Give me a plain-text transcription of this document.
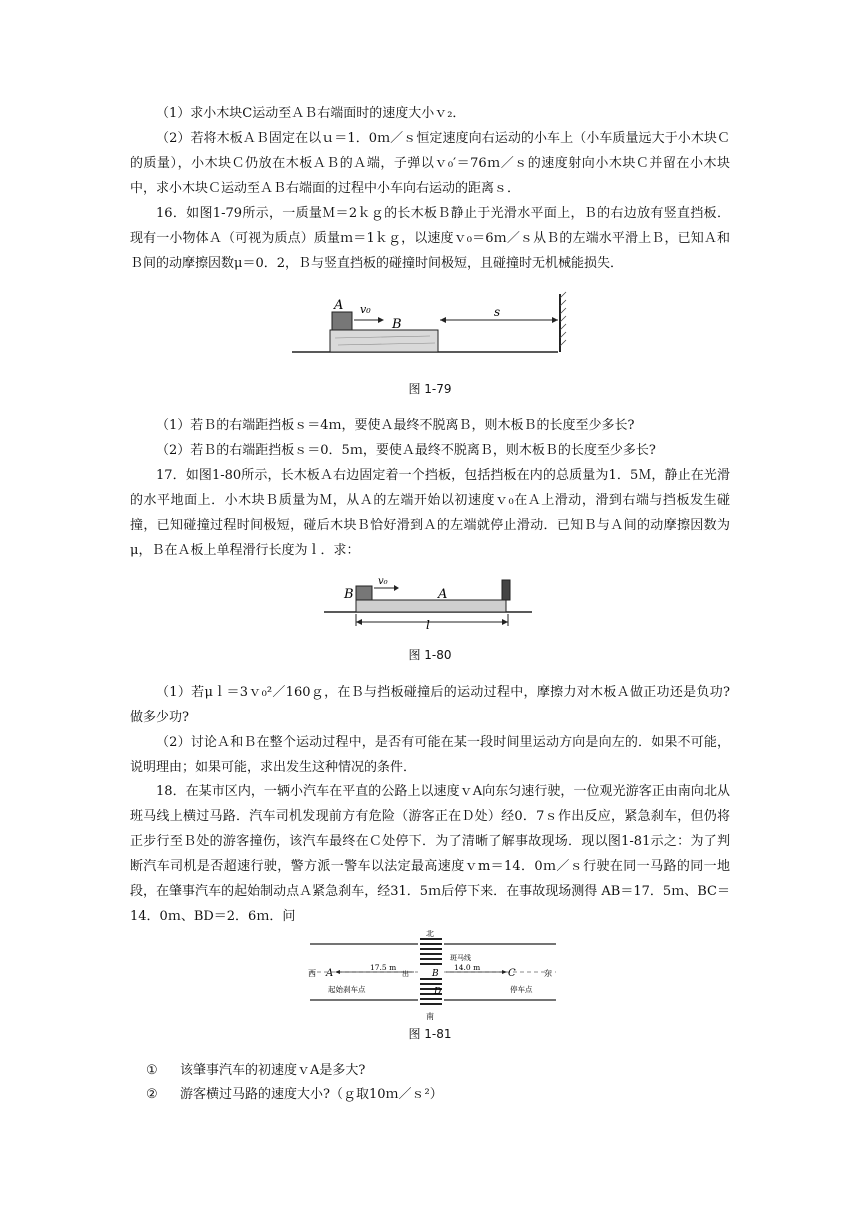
（1）求小木块C运动至ＡＢ右端面时的速度大小ｖ₂．

（2）若将木板ＡＢ固定在以ｕ＝1．0ｍ／ｓ恒定速度向右运动的小车上（小车质量远大于小木块Ｃ的质量），小木块Ｃ仍放在木板ＡＢ的Ａ端，子弹以ｖ₀′＝76ｍ／ｓ的速度射向小木块Ｃ并留在小木块中，求小木块Ｃ运动至ＡＢ右端面的过程中小车向右运动的距离ｓ．

16．如图1-79所示，一质量Ｍ＝2ｋｇ的长木板Ｂ静止于光滑水平面上，Ｂ的右边放有竖直挡板．现有一小物体Ａ（可视为质点）质量ｍ＝1ｋｇ，以速度ｖ₀＝6ｍ／ｓ从Ｂ的左端水平滑上Ｂ，已知Ａ和Ｂ间的动摩擦因数μ＝0．2，Ｂ与竖直挡板的碰撞时间极短，且碰撞时无机械能损失．

A v₀
B
s
图 1-79

（1）若Ｂ的右端距挡板ｓ＝4ｍ，要使Ａ最终不脱离Ｂ，则木板Ｂ的长度至少多长?

（2）若Ｂ的右端距挡板ｓ＝0．5ｍ，要使Ａ最终不脱离Ｂ，则木板Ｂ的长度至少多长?

17．如图1-80所示，长木板Ａ右边固定着一个挡板，包括挡板在内的总质量为1．5Ｍ，静止在光滑的水平地面上．小木块Ｂ质量为Ｍ，从Ａ的左端开始以初速度ｖ₀在Ａ上滑动，滑到右端与挡板发生碰撞，已知碰撞过程时间极短，碰后木块Ｂ恰好滑到Ａ的左端就停止滑动．已知Ｂ与Ａ间的动摩擦因数为μ，Ｂ在Ａ板上单程滑行长度为ｌ．求：

B
v₀
A
l
图 1-80

（1）若μｌ＝3ｖ₀²／160ｇ，在Ｂ与挡板碰撞后的运动过程中，摩擦力对木板Ａ做正功还是负功?做多少功?

（2）讨论Ａ和Ｂ在整个运动过程中，是否有可能在某一段时间里运动方向是向左的．如果不可能，说明理由；如果可能，求出发生这种情况的条件．

18．在某市区内，一辆小汽车在平直的公路上以速度ｖA向东匀速行驶，一位观光游客正由南向北从班马线上横过马路．汽车司机发现前方有危险（游客正在Ｄ处）经0．7ｓ作出反应，紧急刹车，但仍将正步行至Ｂ处的游客撞伤，该汽车最终在Ｃ处停下．为了清晰了解事故现场．现以图1-81示之：为了判断汽车司机是否超速行驶，警方派一警车以法定最高速度ｖm＝14．0ｍ／ｓ行驶在同一马路的同一地段，在肇事汽车的起始制动点Ａ紧急刹车，经31．5ｍ后停下来．在事故现场测得 AB＝17．5ｍ、BC＝14．0ｍ、BD＝2．6ｍ．问

北
南
西	东
斑马线
A
17.5 m
出	B
14.0 m
C
D
起始刹车点	停车点
图 1-81
① 该肇事汽车的初速度ｖA是多大?
② 游客横过马路的速度大小?（ｇ取10ｍ／ｓ²）
